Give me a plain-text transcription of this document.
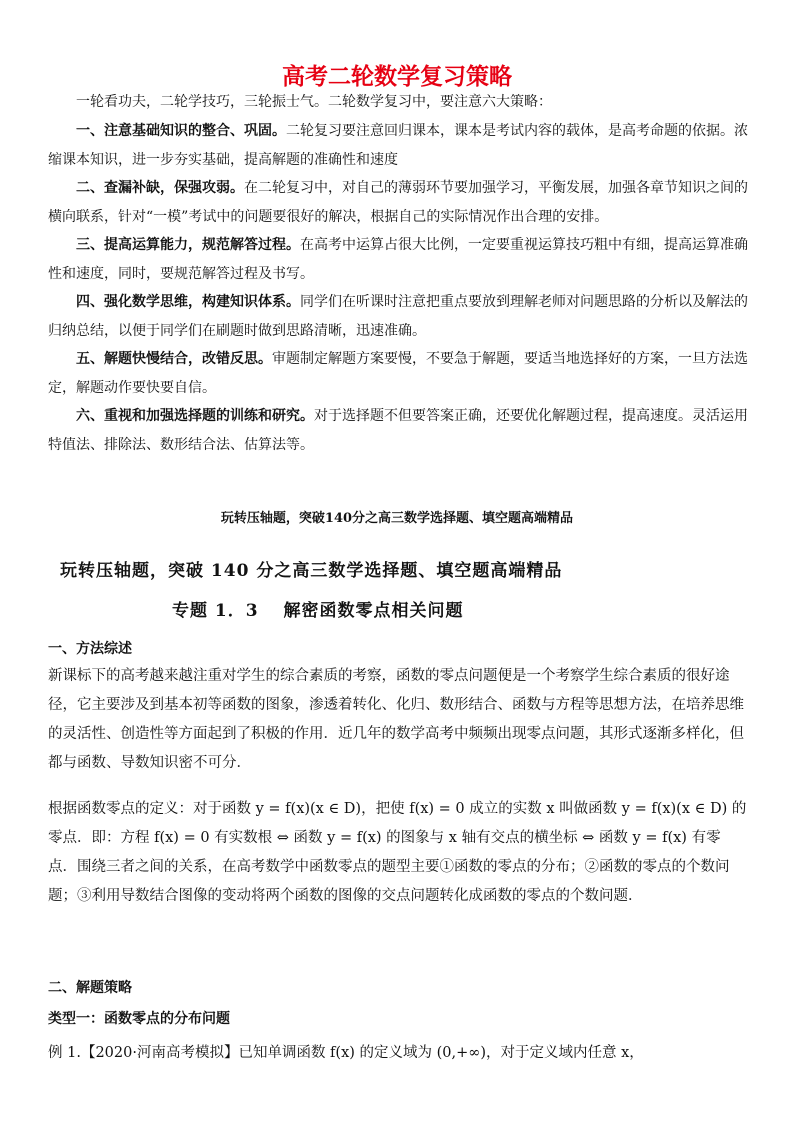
高考二轮数学复习策略

一轮看功夫，二轮学技巧，三轮振士气。二轮数学复习中，要注意六大策略：

一、注意基础知识的整合、巩固。二轮复习要注意回归课本，课本是考试内容的载体，是高考命题的依据。浓缩课本知识，进一步夯实基础，提高解题的准确性和速度

二、查漏补缺，保强攻弱。在二轮复习中，对自己的薄弱环节要加强学习，平衡发展，加强各章节知识之间的横向联系，针对“一模”考试中的问题要很好的解决，根据自己的实际情况作出合理的安排。

三、提高运算能力，规范解答过程。在高考中运算占很大比例，一定要重视运算技巧粗中有细，提高运算准确性和速度，同时，要规范解答过程及书写。

四、强化数学思维，构建知识体系。同学们在听课时注意把重点要放到理解老师对问题思路的分析以及解法的归纳总结，以便于同学们在刷题时做到思路清晰，迅速准确。

五、解题快慢结合，改错反思。审题制定解题方案要慢，不要急于解题，要适当地选择好的方案，一旦方法选定，解题动作要快要自信。

六、重视和加强选择题的训练和研究。对于选择题不但要答案正确，还要优化解题过程，提高速度。灵活运用特值法、排除法、数形结合法、估算法等。

玩转压轴题，突破140分之高三数学选择题、填空题高端精品
玩转压轴题，突破 140 分之高三数学选择题、填空题高端精品
专题 1．3　 解密函数零点相关问题
一、方法综述

新课标下的高考越来越注重对学生的综合素质的考察，函数的零点问题便是一个考察学生综合素质的很好途径，它主要涉及到基本初等函数的图象，渗透着转化、化归、数形结合、函数与方程等思想方法，在培养思维的灵活性、创造性等方面起到了积极的作用．近几年的数学高考中频频出现零点问题，其形式逐渐多样化，但都与函数、导数知识密不可分．

根据函数零点的定义：对于函数 y = f(x)(x ∈ D)，把使 f(x) = 0 成立的实数 x 叫做函数 y = f(x)(x ∈ D) 的零点．即：方程 f(x) = 0 有实数根 ⇔ 函数 y = f(x) 的图象与 x 轴有交点的横坐标 ⇔ 函数 y = f(x) 有零点．围绕三者之间的关系，在高考数学中函数零点的题型主要①函数的零点的分布；②函数的零点的个数问题；③利用导数结合图像的变动将两个函数的图像的交点问题转化成函数的零点的个数问题．

二、解题策略
类型一：函数零点的分布问题

例 1.【2020·河南高考模拟】已知单调函数 f(x) 的定义域为 (0,+∞)，对于定义域内任意 x，
